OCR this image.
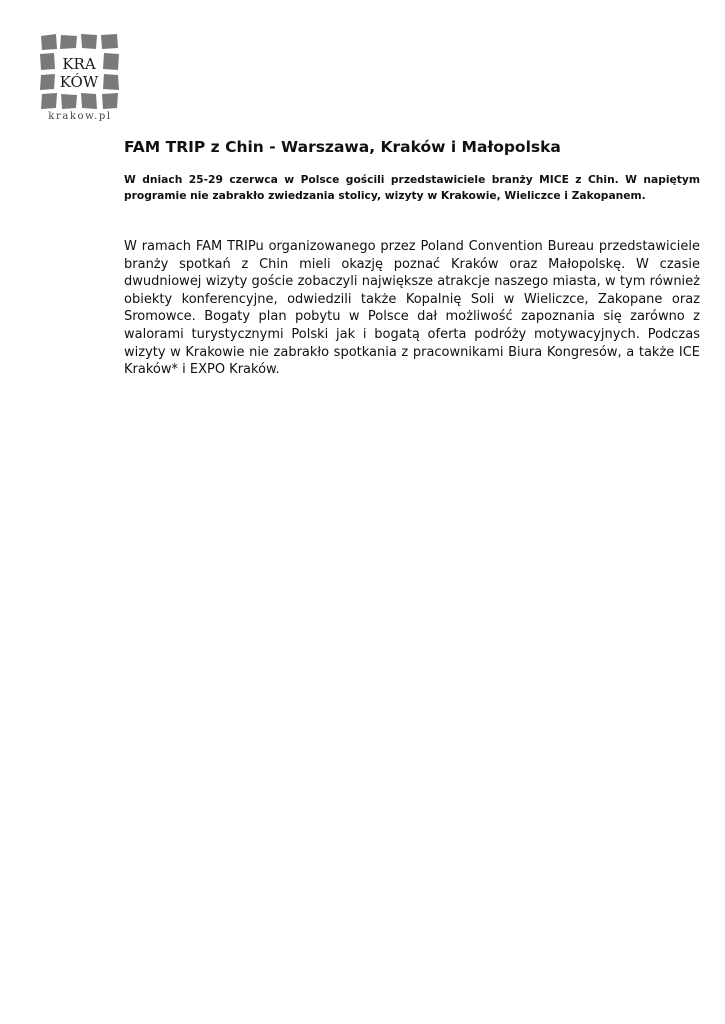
KRA
KÓW
krakow.pl
FAM TRIP z Chin - Warszawa, Kraków i Małopolska

W dniach 25-29 czerwca w Polsce gościli przedstawiciele branży MICE z Chin. W napiętym programie nie zabrakło zwiedzania stolicy, wizyty w Krakowie, Wieliczce i Zakopanem.

W ramach FAM TRIPu organizowanego przez Poland Convention Bureau przedstawiciele branży spotkań z Chin mieli okazję poznać Kraków oraz Małopolskę. W czasie dwudniowej wizyty goście zobaczyli największe atrakcje naszego miasta, w tym również obiekty konferencyjne, odwiedzili także Kopalnię Soli w Wieliczce, Zakopane oraz Sromowce. Bogaty plan pobytu w Polsce dał możliwość zapoznania się zarówno z walorami turystycznymi Polski jak i bogatą oferta podróży motywacyjnych. Podczas wizyty w Krakowie nie zabrakło spotkania z pracownikami Biura Kongresów, a także ICE Kraków* i EXPO Kraków.
